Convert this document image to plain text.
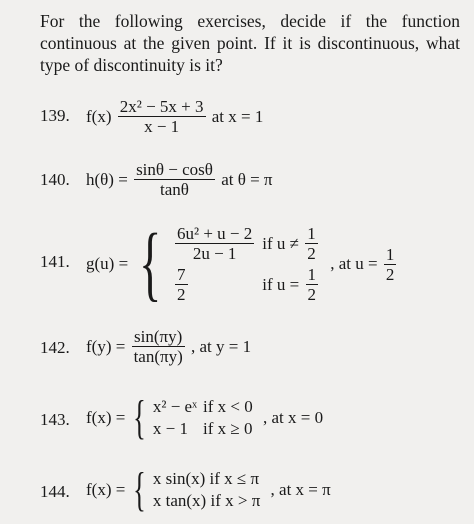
For the following exercises, decide if the function continuous at the given point. If it is discontinuous, what type of discontinuity is it?
139. $f(x) \frac{\text{2x² − 5x + 3}}{x - 1}$ at x = 1
140. $h(\theta) = \frac{\sin\theta - \cos\theta}{\tan\theta}$ at θ = π
141. g(u) = { $\frac{\text{6u² + u − 2}}{2u - 1}$	if $u \ne \frac{1}{2}$

$\frac{7}{2}$	if $u = \frac{1}{2}$
, at $u = \frac{1}{2}$
142. $f(y) = \frac{\sin(\pi y)}{\tan(\pi y)}$ , at y = 1
143. f(x) = { x² − eˣ	if x < 0
x − 1	if x ≥ 0
, at x = 0
144. f(x) = { x sin(x) if x ≤ π
x tan(x) if x > π
, at x = π
